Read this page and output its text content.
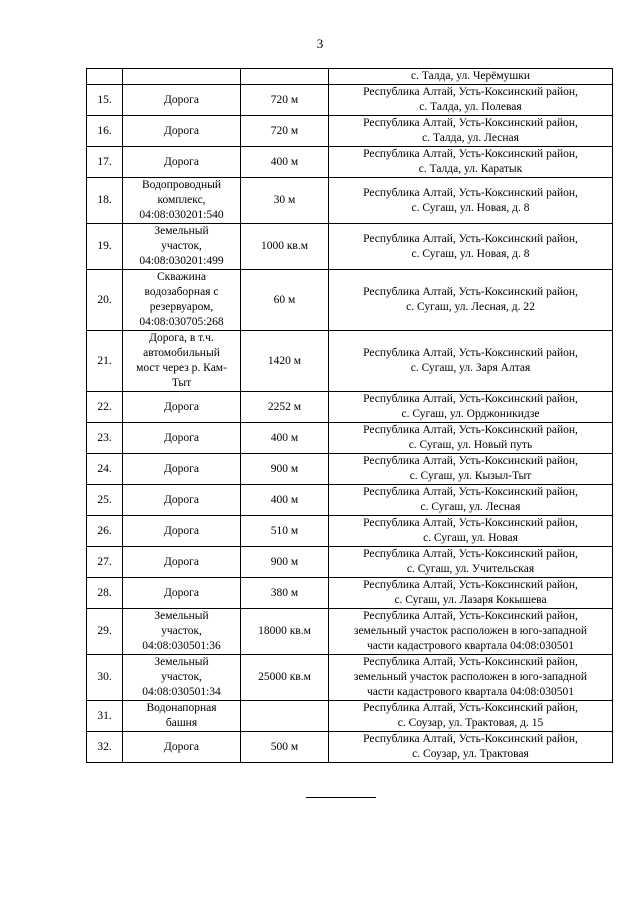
3
			с. Талда, ул. Черёмушки
15.	Дорога	720 м	Республика Алтай, Усть-Коксинский район,
с. Талда, ул. Полевая
16.	Дорога	720 м	Республика Алтай, Усть-Коксинский район,
с. Талда, ул. Лесная
17.	Дорога	400 м	Республика Алтай, Усть-Коксинский район,
с. Талда, ул. Каратык
18.	Водопроводный
комплекс,
04:08:030201:540	30 м	Республика Алтай, Усть-Коксинский район,
с. Сугаш, ул. Новая, д. 8
19.	Земельный
участок,
04:08:030201:499	1000 кв.м	Республика Алтай, Усть-Коксинский район,
с. Сугаш, ул. Новая, д. 8
20.	Скважина
водозаборная с
резервуаром,
04:08:030705:268	60 м	Республика Алтай, Усть-Коксинский район,
с. Сугаш, ул. Лесная, д. 22
21.	Дорога, в т.ч.
автомобильный
мост через р. Кам-
Тыт	1420 м	Республика Алтай, Усть-Коксинский район,
с. Сугаш, ул. Заря Алтая
22.	Дорога	2252 м	Республика Алтай, Усть-Коксинский район,
с. Сугаш, ул. Орджоникидзе
23.	Дорога	400 м	Республика Алтай, Усть-Коксинский район,
с. Сугаш, ул. Новый путь
24.	Дорога	900 м	Республика Алтай, Усть-Коксинский район,
с. Сугаш, ул. Кызыл-Тыт
25.	Дорога	400 м	Республика Алтай, Усть-Коксинский район,
с. Сугаш, ул. Лесная
26.	Дорога	510 м	Республика Алтай, Усть-Коксинский район,
с. Сугаш, ул. Новая
27.	Дорога	900 м	Республика Алтай, Усть-Коксинский район,
с. Сугаш, ул. Учительская
28.	Дорога	380 м	Республика Алтай, Усть-Коксинский район,
с. Сугаш, ул. Лазаря Кокышева
29.	Земельный
участок,
04:08:030501:36	18000 кв.м	Республика Алтай, Усть-Коксинский район,
земельный участок расположен в юго-западной
части кадастрового квартала 04:08:030501
30.	Земельный
участок,
04:08:030501:34	25000 кв.м	Республика Алтай, Усть-Коксинский район,
земельный участок расположен в юго-западной
части кадастрового квартала 04:08:030501
31.	Водонапорная
башня		Республика Алтай, Усть-Коксинский район,
с. Соузар, ул. Трактовая, д. 15
32.	Дорога	500 м	Республика Алтай, Усть-Коксинский район,
с. Соузар, ул. Трактовая
